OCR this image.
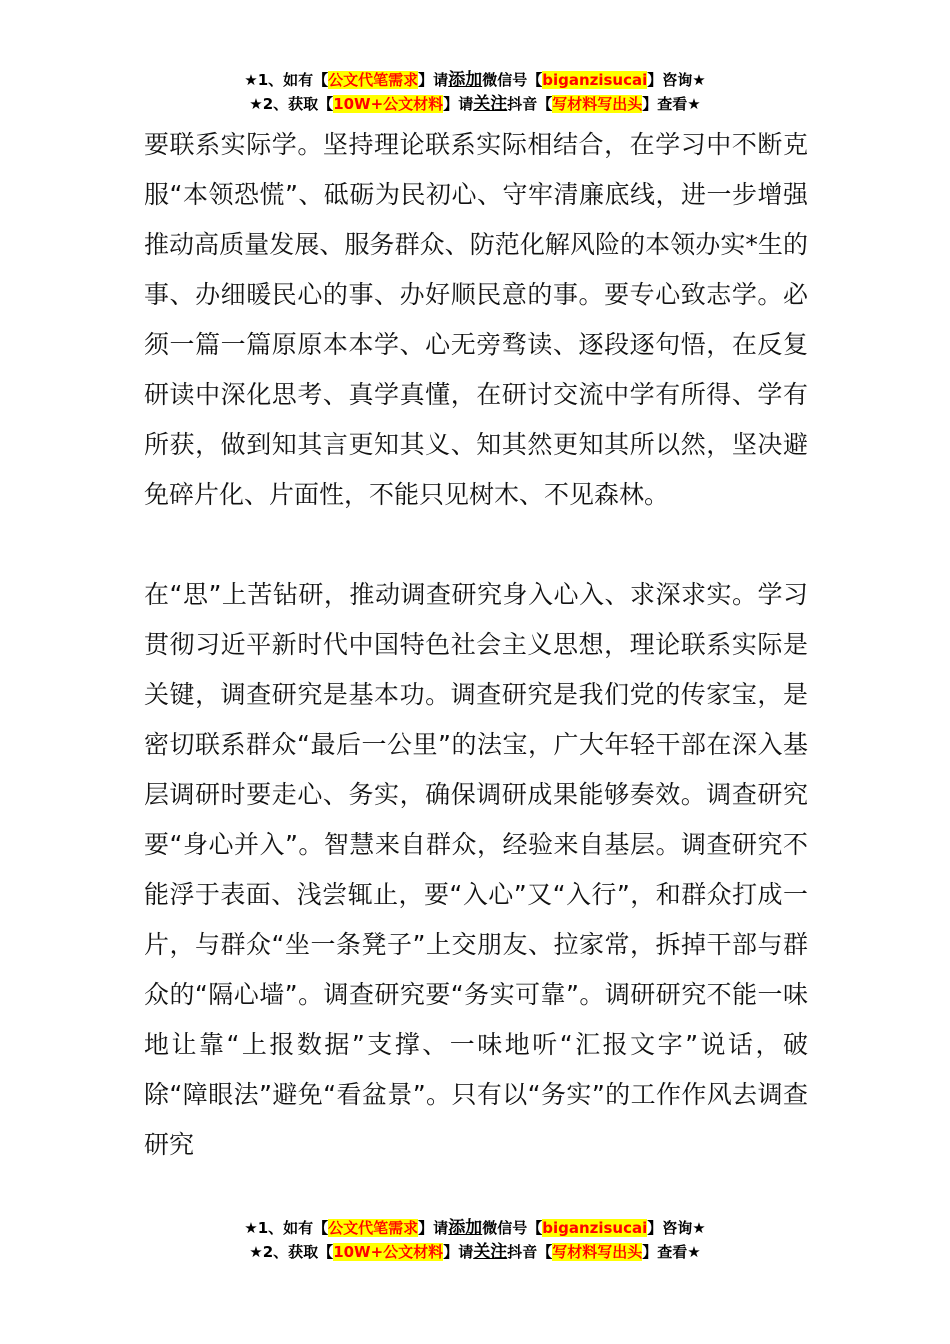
★1、如有【公文代笔需求】请添加微信号【biganzisucai】咨询★
★2、获取【10W+公文材料】请关注抖音【写材料写出头】查看★

要联系实际学。坚持理论联系实际相结合，在学习中不断克服“本领恐慌”、砥砺为民初心、守牢清廉底线，进一步增强推动高质量发展、服务群众、防范化解风险的本领办实*生的事、办细暖民心的事、办好顺民意的事。要专心致志学。必须一篇一篇原原本本学、心无旁骛读、逐段逐句悟，在反复研读中深化思考、真学真懂，在研讨交流中学有所得、学有所获，做到知其言更知其义、知其然更知其所以然，坚决避免碎片化、片面性，不能只见树木、不见森林。

在“思”上苦钻研，推动调查研究身入心入、求深求实。学习贯彻习近平新时代中国特色社会主义思想，理论联系实际是关键，调查研究是基本功。调查研究是我们党的传家宝，是密切联系群众“最后一公里”的法宝，广大年轻干部在深入基层调研时要走心、务实，确保调研成果能够奏效。调查研究要“身心并入”。智慧来自群众，经验来自基层。调查研究不能浮于表面、浅尝辄止，要“入心”又“入行”，和群众打成一片，与群众“坐一条凳子”上交朋友、拉家常，拆掉干部与群众的“隔心墙”。调查研究要“务实可靠”。调研研究不能一味地让靠“上报数据”支撑、一味地听“汇报文字”说话，破除“障眼法”避免“看盆景”。只有以“务实”的工作作风去调查研究

★1、如有【公文代笔需求】请添加微信号【biganzisucai】咨询★
★2、获取【10W+公文材料】请关注抖音【写材料写出头】查看★
